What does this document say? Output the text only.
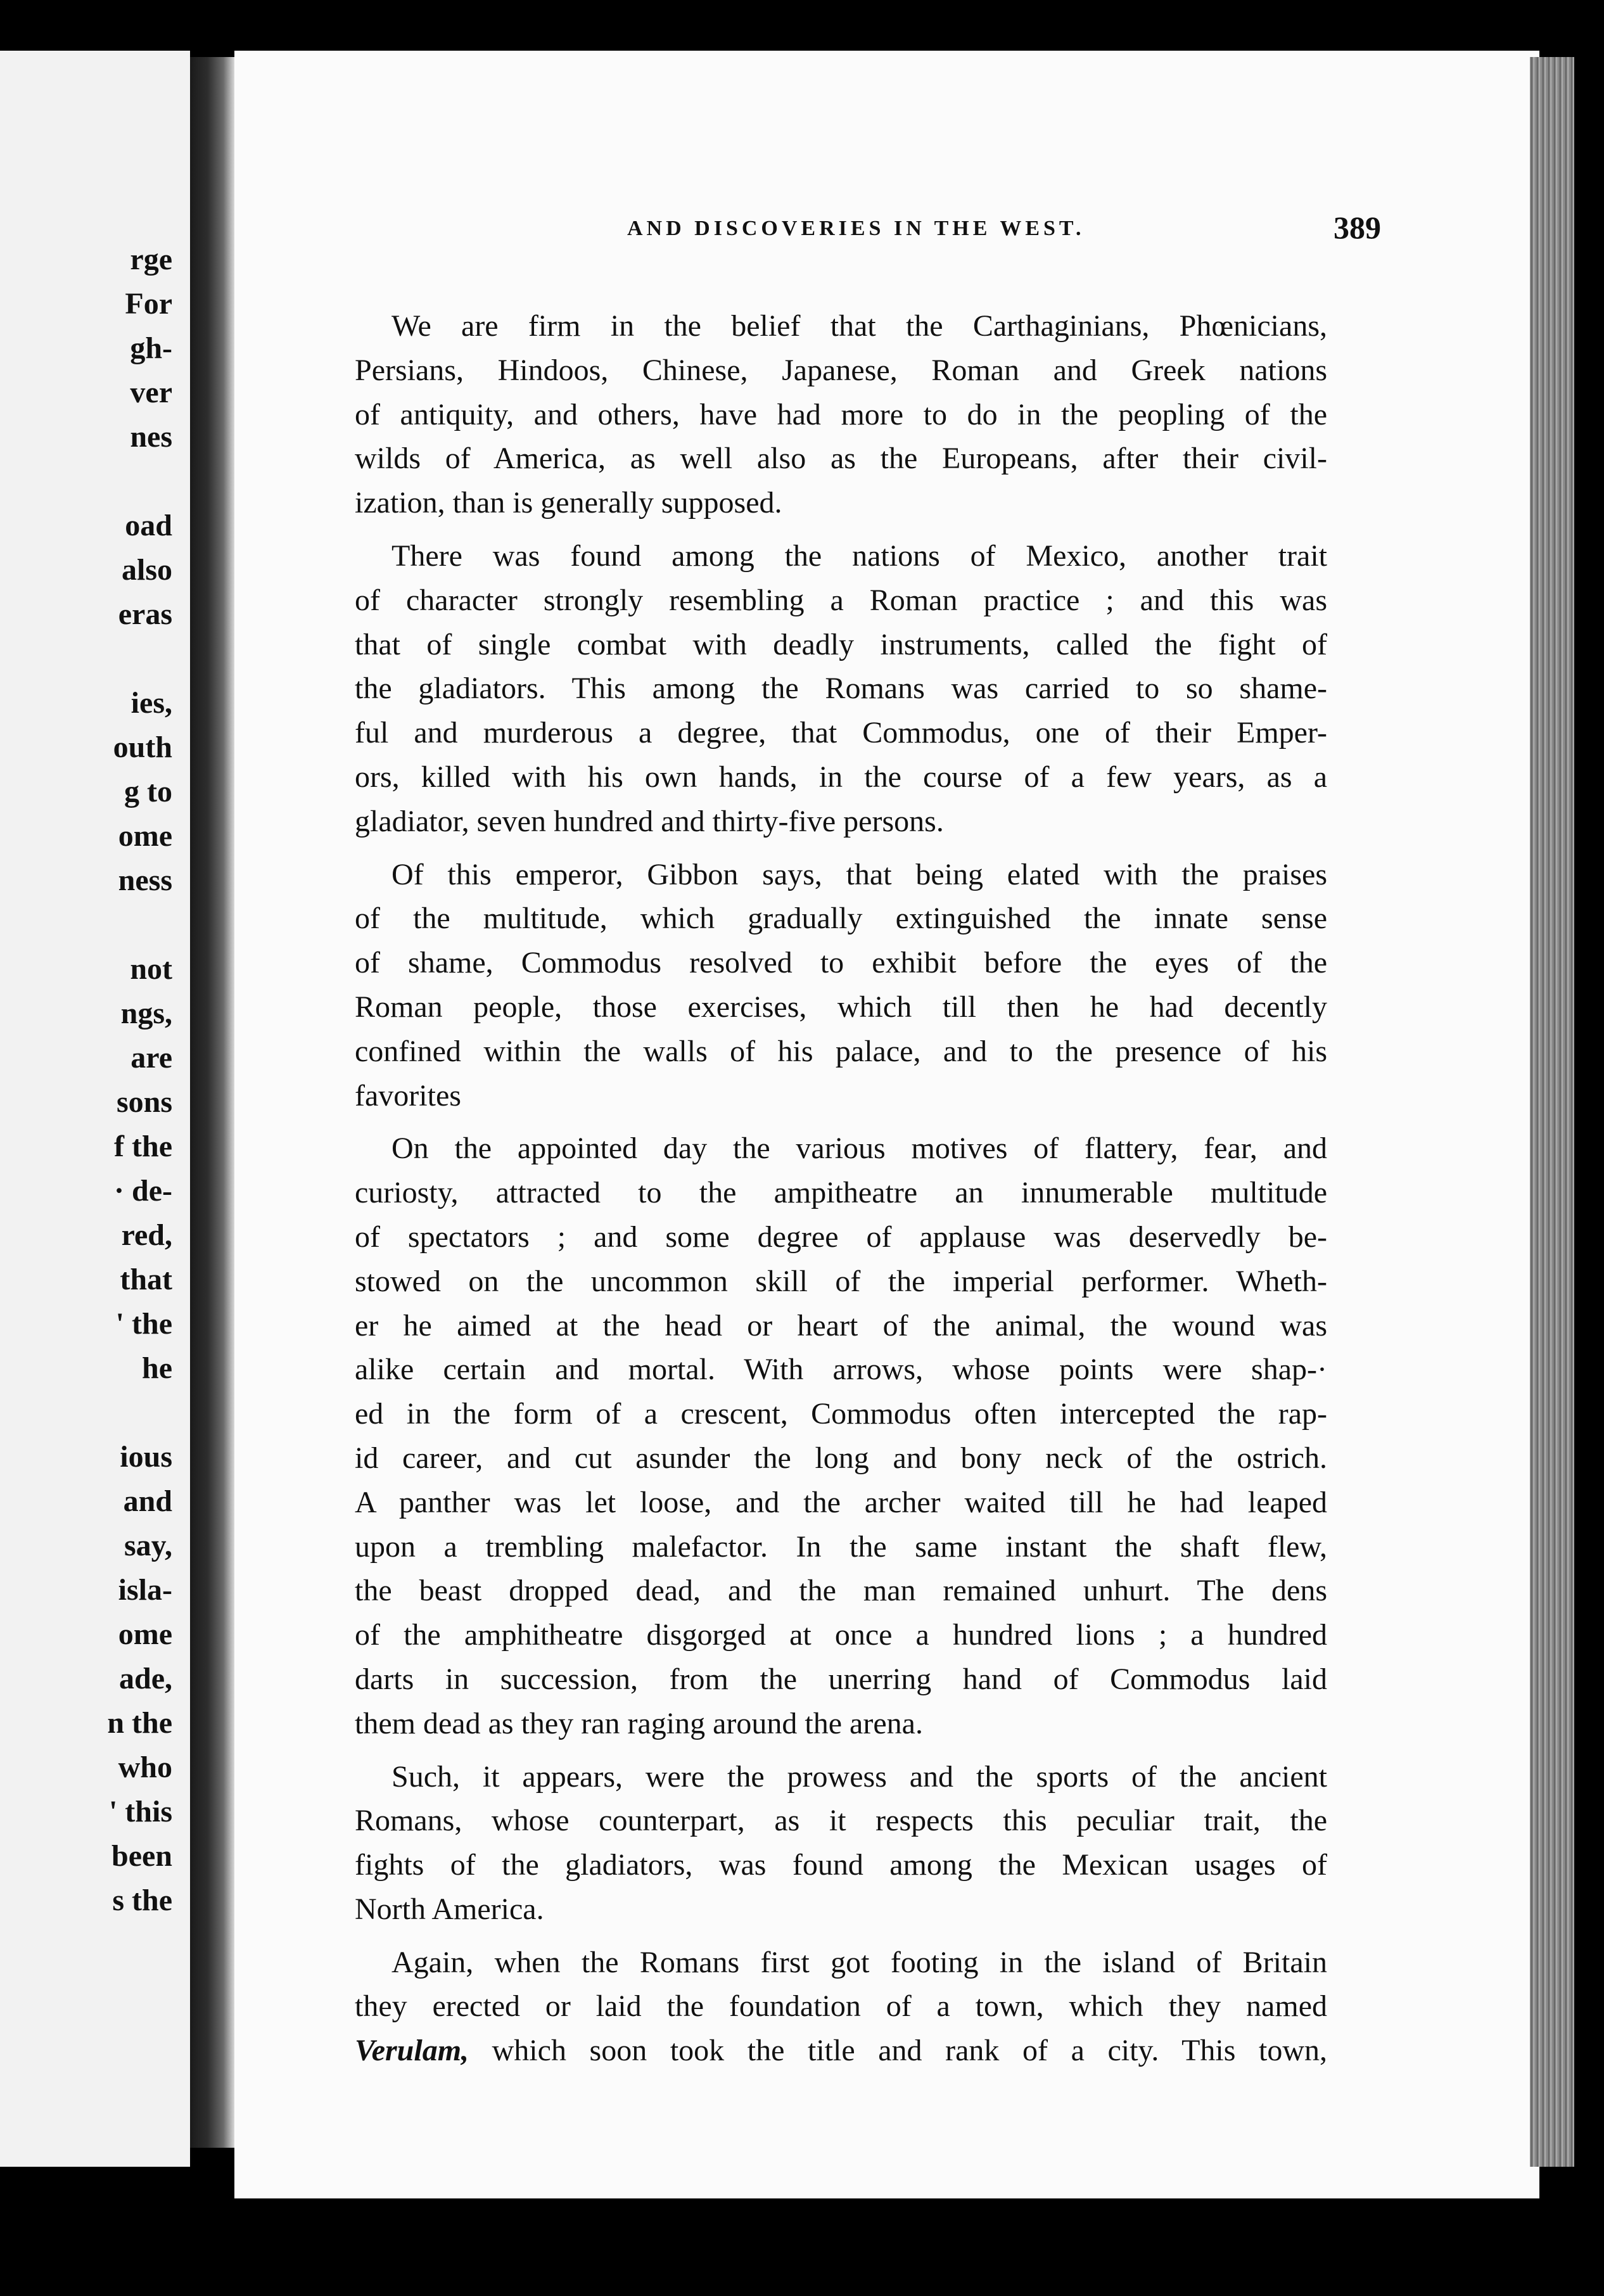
rge
For
gh-
ver
nes
oad
also
eras
ies,
outh
g to
ome
ness
not
ngs,
are
sons
f the
· de-
red,
that
' the
he
ious
and
say,
isla-
ome
ade,
n the
who
' this
been
s the
AND DISCOVERIES IN THE WEST.	389

We are firm in the belief that the Carthaginians, Phœnicians,
Persians, Hindoos, Chinese, Japanese, Roman and Greek nations
of antiquity, and others, have had more to do in the peopling of the
wilds of America, as well also as the Europeans, after their civil-
ization, than is generally supposed.

There was found among the nations of Mexico, another trait
of character strongly resembling a Roman practice ; and this was
that of single combat with deadly instruments, called the fight of
the gladiators. This among the Romans was carried to so shame-
ful and murderous a degree, that Commodus, one of their Emper-
ors, killed with his own hands, in the course of a few years, as a
gladiator, seven hundred and thirty-five persons.

Of this emperor, Gibbon says, that being elated with the praises
of the multitude, which gradually extinguished the innate sense
of shame, Commodus resolved to exhibit before the eyes of the
Roman people, those exercises, which till then he had decently
confined within the walls of his palace, and to the presence of his
favorites

On the appointed day the various motives of flattery, fear, and
curiosty, attracted to the ampitheatre an innumerable multitude
of spectators ; and some degree of applause was deservedly be-
stowed on the uncommon skill of the imperial performer. Wheth-
er he aimed at the head or heart of the animal, the wound was
alike certain and mortal. With arrows, whose points were shap-·
ed in the form of a crescent, Commodus often intercepted the rap-
id career, and cut asunder the long and bony neck of the ostrich.
A panther was let loose, and the archer waited till he had leaped
upon a trembling malefactor. In the same instant the shaft flew,
the beast dropped dead, and the man remained unhurt. The dens
of the amphitheatre disgorged at once a hundred lions ; a hundred
darts in succession, from the unerring hand of Commodus laid
them dead as they ran raging around the arena.

Such, it appears, were the prowess and the sports of the ancient
Romans, whose counterpart, as it respects this peculiar trait, the
fights of the gladiators, was found among the Mexican usages of
North America.

Again, when the Romans first got footing in the island of Britain
they erected or laid the foundation of a town, which they named
Verulam, which soon took the title and rank of a city. This town,
